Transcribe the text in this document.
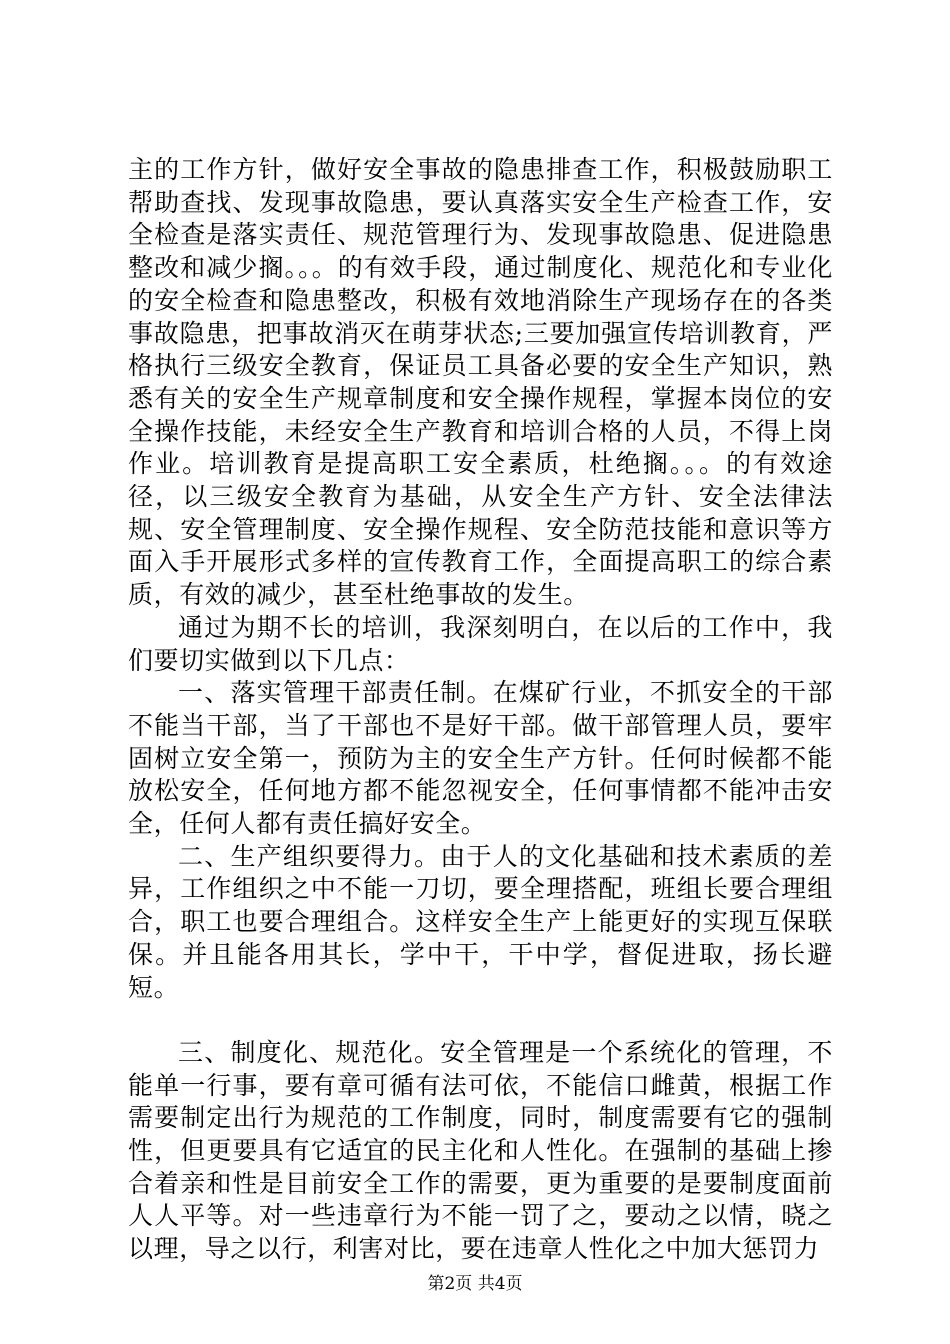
主的工作方针，做好安全事故的隐患排查工作，积极鼓励职工帮助查找、发现事故隐患，要认真落实安全生产检查工作，安全检查是落实责任、规范管理行为、发现事故隐患、促进隐患整改和减少搁。。。的有效手段，通过制度化、规范化和专业化的安全检查和隐患整改，积极有效地消除生产现场存在的各类事故隐患，把事故消灭在萌芽状态;三要加强宣传培训教育，严格执行三级安全教育，保证员工具备必要的安全生产知识，熟悉有关的安全生产规章制度和安全操作规程，掌握本岗位的安全操作技能，未经安全生产教育和培训合格的人员，不得上岗作业。培训教育是提高职工安全素质，杜绝搁。。。的有效途径，以三级安全教育为基础，从安全生产方针、安全法律法规、安全管理制度、安全操作规程、安全防范技能和意识等方面入手开展形式多样的宣传教育工作，全面提高职工的综合素质，有效的减少，甚至杜绝事故的发生。

通过为期不长的培训，我深刻明白，在以后的工作中，我们要切实做到以下几点：

一、落实管理干部责任制。在煤矿行业，不抓安全的干部不能当干部，当了干部也不是好干部。做干部管理人员，要牢固树立安全第一，预防为主的安全生产方针。任何时候都不能放松安全，任何地方都不能忽视安全，任何事情都不能冲击安全，任何人都有责任搞好安全。

二、生产组织要得力。由于人的文化基础和技术素质的差异，工作组织之中不能一刀切，要全理搭配，班组长要合理组合，职工也要合理组合。这样安全生产上能更好的实现互保联保。并且能各用其长，学中干，干中学，督促进取，扬长避短。

三、制度化、规范化。安全管理是一个系统化的管理，不能单一行事，要有章可循有法可依，不能信口雌黄，根据工作需要制定出行为规范的工作制度，同时，制度需要有它的强制性，但更要具有它适宜的民主化和人性化。在强制的基础上掺合着亲和性是目前安全工作的需要，更为重要的是要制度面前人人平等。对一些违章行为不能一罚了之，要动之以情，晓之以理，导之以行，利害对比，要在违章人性化之中加大惩罚力

第2页 共4页
